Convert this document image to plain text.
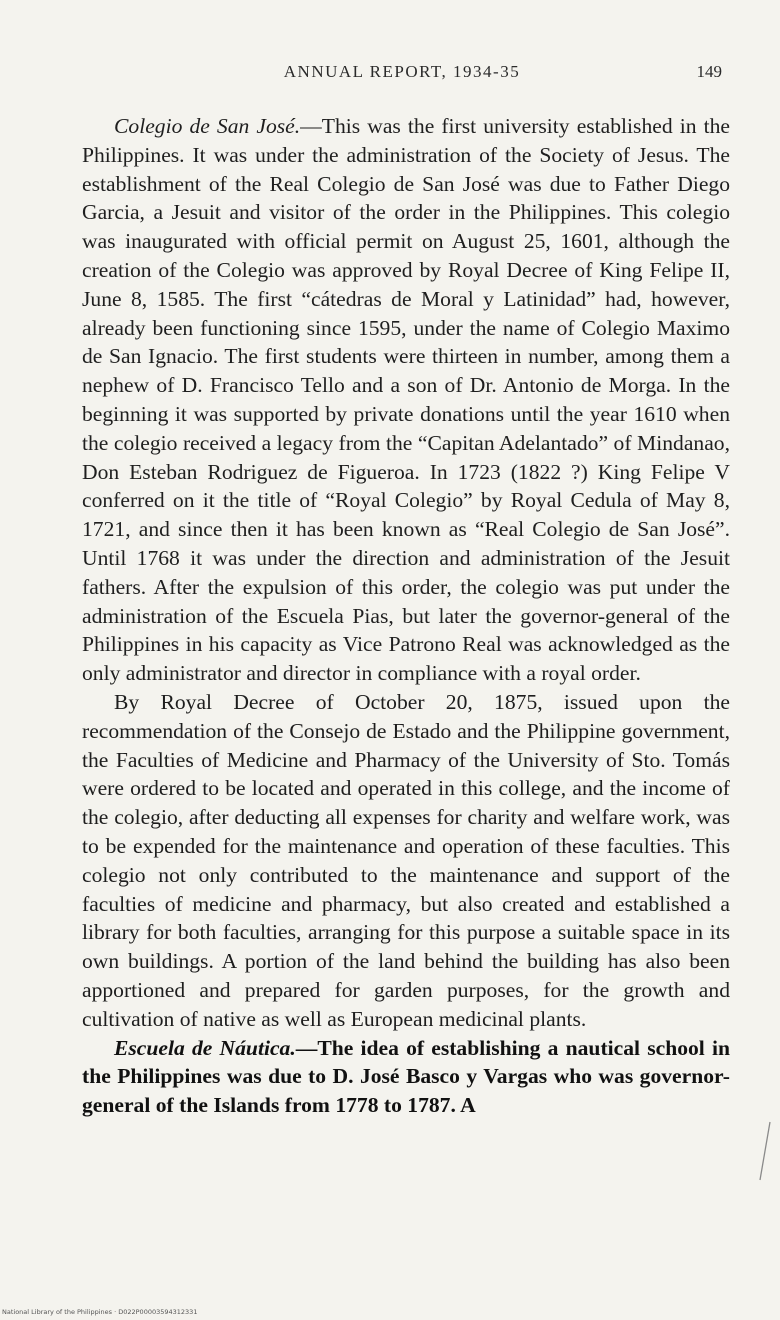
ANNUAL REPORT, 1934-35	149

Colegio de San José.—This was the first university established in the Philippines. It was under the administration of the Society of Jesus. The establishment of the Real Colegio de San José was due to Father Diego Garcia, a Jesuit and visitor of the order in the Philippines. This colegio was inaugurated with official permit on August 25, 1601, although the creation of the Colegio was approved by Royal Decree of King Felipe II, June 8, 1585. The first “cátedras de Moral y Latinidad” had, however, already been functioning since 1595, under the name of Colegio Maximo de San Ignacio. The first students were thirteen in number, among them a nephew of D. Francisco Tello and a son of Dr. Antonio de Morga. In the beginning it was supported by private donations until the year 1610 when the colegio received a legacy from the “Capitan Adelantado” of Mindanao, Don Esteban Rodriguez de Figueroa. In 1723 (1822 ?) King Felipe V conferred on it the title of “Royal Colegio” by Royal Cedula of May 8, 1721, and since then it has been known as “Real Colegio de San José”. Until 1768 it was under the direction and administration of the Jesuit fathers. After the expulsion of this order, the colegio was put under the administration of the Escuela Pias, but later the governor-general of the Philippines in his capacity as Vice Patrono Real was acknowledged as the only administrator and director in compliance with a royal order.

By Royal Decree of October 20, 1875, issued upon the recommendation of the Consejo de Estado and the Philippine government, the Faculties of Medicine and Pharmacy of the University of Sto. Tomás were ordered to be located and operated in this college, and the income of the colegio, after deducting all expenses for charity and welfare work, was to be expended for the maintenance and operation of these faculties. This colegio not only contributed to the maintenance and support of the faculties of medicine and pharmacy, but also created and established a library for both faculties, arranging for this purpose a suitable space in its own buildings. A portion of the land behind the building has also been apportioned and prepared for garden purposes, for the growth and cultivation of native as well as European medicinal plants.

Escuela de Náutica.—The idea of establishing a nautical school in the Philippines was due to D. José Basco y Vargas who was governor-general of the Islands from 1778 to 1787. A

National Library of the Philippines · D022P00003594312331
